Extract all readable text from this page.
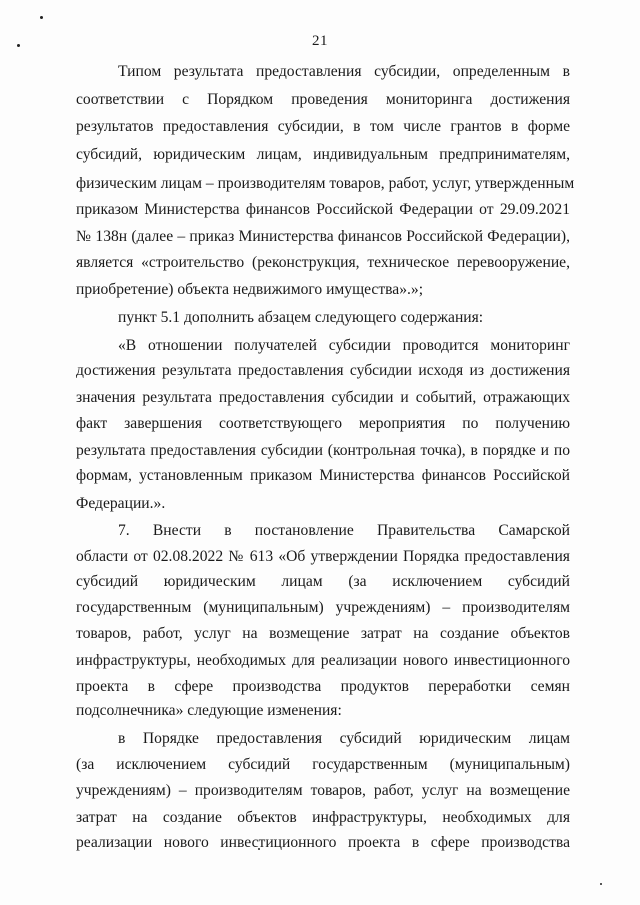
21
Типом результата предоставления субсидии, определенным в
соответствии с Порядком проведения мониторинга достижения
результатов предоставления субсидии, в том числе грантов в форме
субсидий, юридическим лицам, индивидуальным предпринимателям,
физическим лицам – производителям товаров, работ, услуг, утвержденным
приказом Министерства финансов Российской Федерации от 29.09.2021
№ 138н (далее – приказ Министерства финансов Российской Федерации),
является «строительство (реконструкция, техническое перевооружение,
приобретение) объекта недвижимого имущества».»;
пункт 5.1 дополнить абзацем следующего содержания:
«В отношении получателей субсидии проводится мониторинг
достижения результата предоставления субсидии исходя из достижения
значения результата предоставления субсидии и событий, отражающих
факт завершения соответствующего мероприятия по получению
результата предоставления субсидии (контрольная точка), в порядке и по
формам, установленным приказом Министерства финансов Российской
Федерации.».
7. Внести в постановление Правительства Самарской
области от 02.08.2022 № 613 «Об утверждении Порядка предоставления
субсидий юридическим лицам (за исключением субсидий
государственным (муниципальным) учреждениям) – производителям
товаров, работ, услуг на возмещение затрат на создание объектов
инфраструктуры, необходимых для реализации нового инвестиционного
проекта в сфере производства продуктов переработки семян
подсолнечника» следующие изменения:
в Порядке предоставления субсидий юридическим лицам
(за исключением субсидий государственным (муниципальным)
учреждениям) – производителям товаров, работ, услуг на возмещение
затрат на создание объектов инфраструктуры, необходимых для
реализации нового инвестиционного проекта в сфере производства
